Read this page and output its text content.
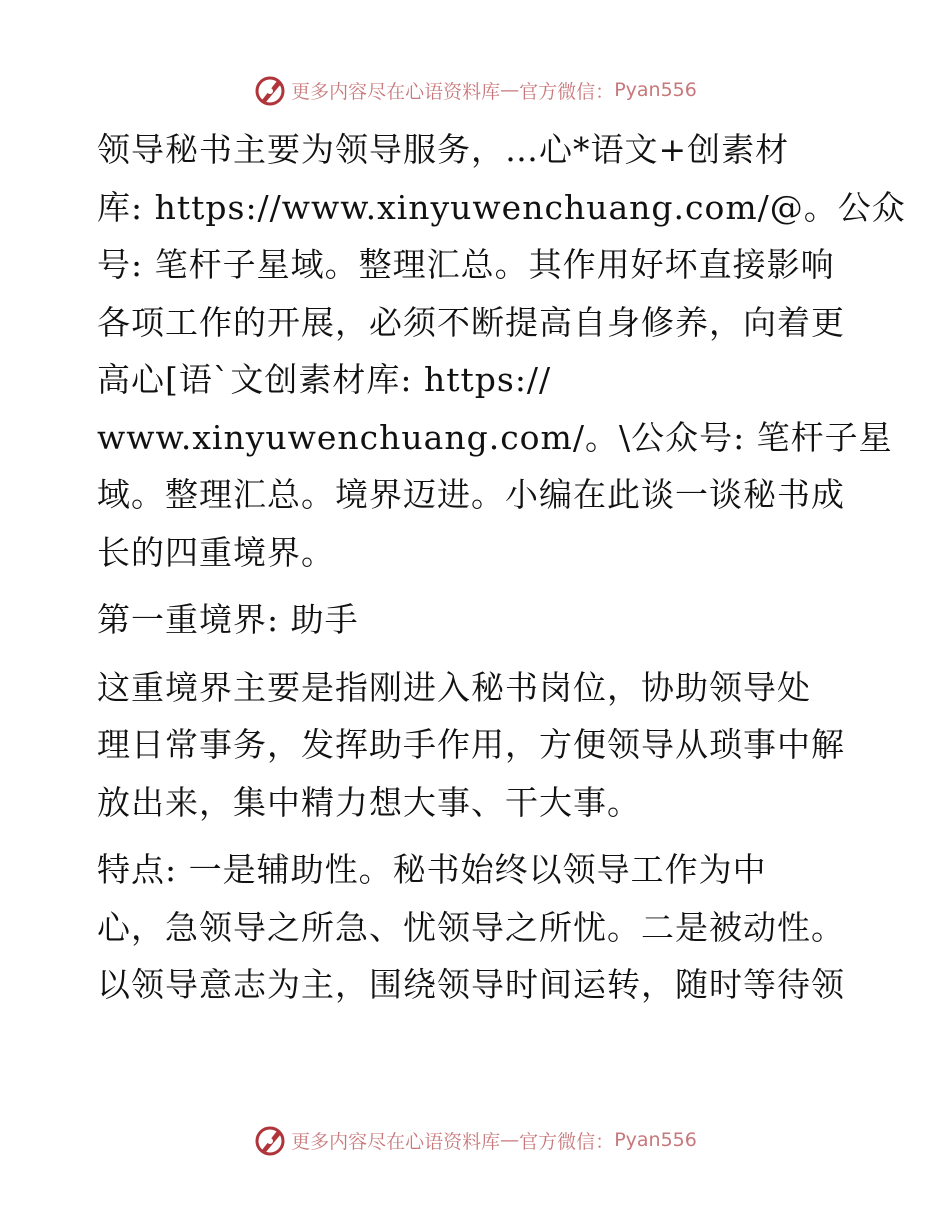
更多内容尽在心语资料库 — 官方微信： Pyan556

领导秘书主要为领导服务，…心*语文+创素材
库: https://www.xinyuwenchuang.com/@。公众
号: 笔杆子星域。整理汇总。其作用好坏直接影响
各项工作的开展，必须不断提高自身修养，向着更
高心[语`文创素材库: https://
www.xinyuwenchuang.com/。\公众号: 笔杆子星
域。整理汇总。境界迈进。小编在此谈一谈秘书成
长的四重境界。

第一重境界: 助手

这重境界主要是指刚进入秘书岗位，协助领导处
理日常事务，发挥助手作用，方便领导从琐事中解
放出来，集中精力想大事、干大事。

特点: 一是辅助性。秘书始终以领导工作为中
心，急领导之所急、忧领导之所忧。二是被动性。
以领导意志为主，围绕领导时间运转，随时等待领

更多内容尽在心语资料库 — 官方微信： Pyan556
